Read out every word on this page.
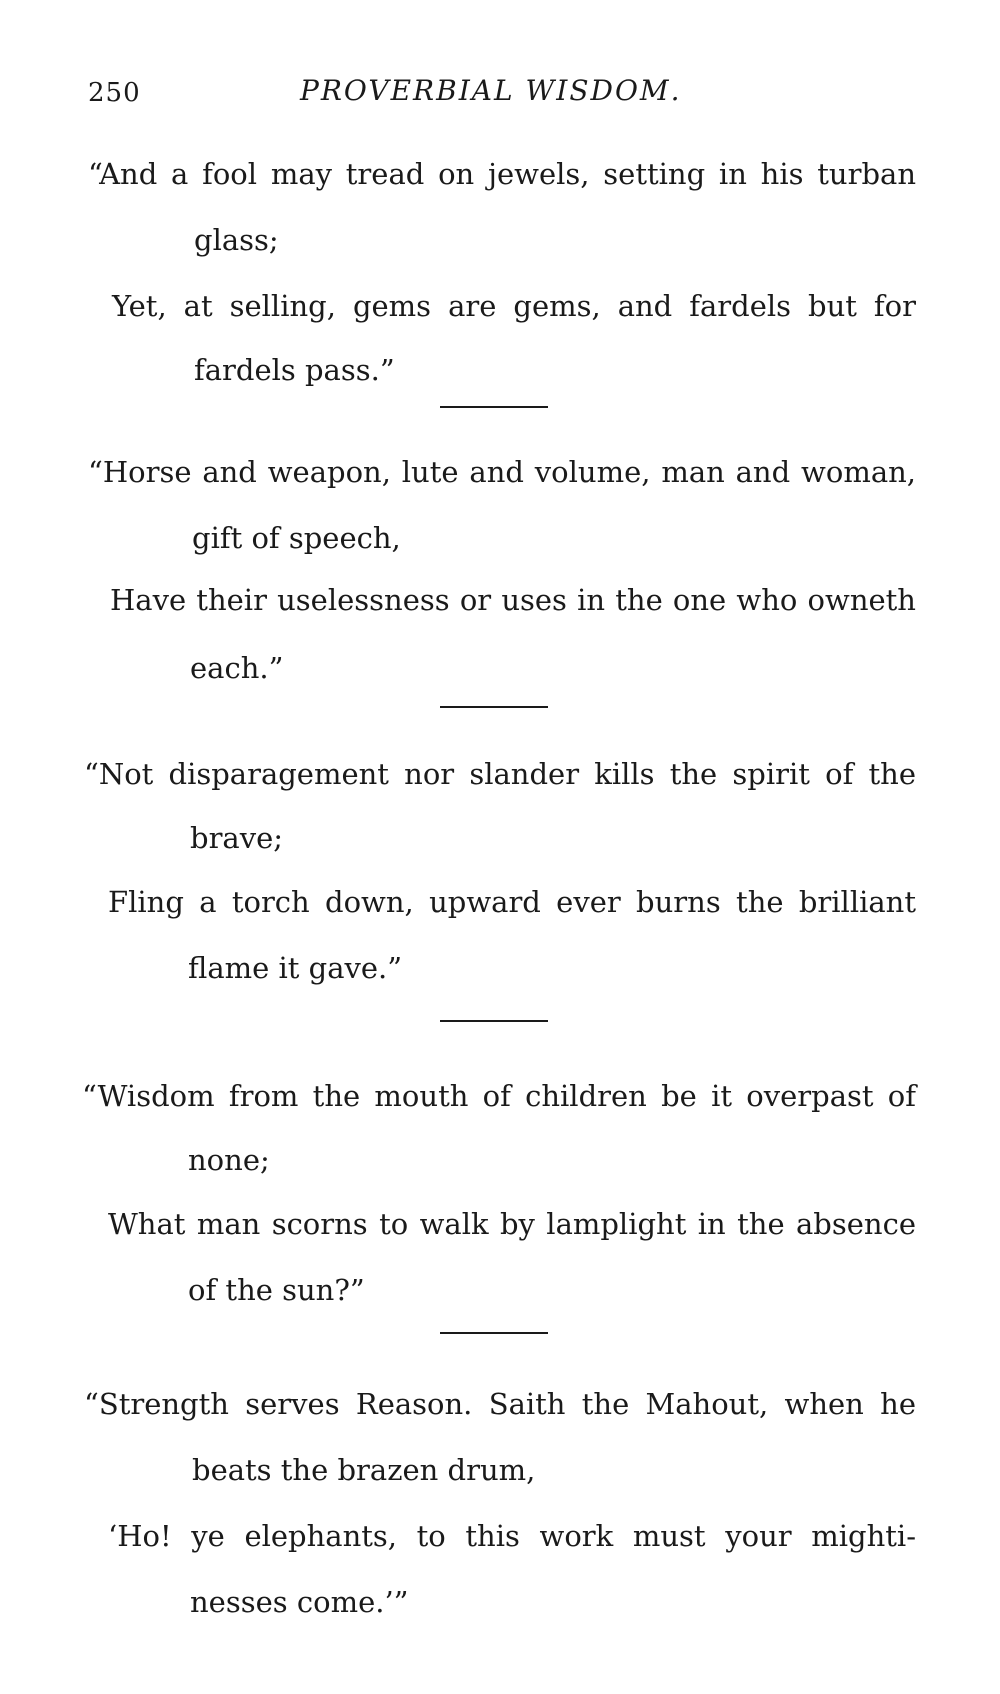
250	PROVERBIAL WISDOM.
“And a fool may tread on jewels, setting in his turban
glass;
Yet, at selling, gems are gems, and fardels but for
fardels pass.”
“Horse and weapon, lute and volume, man and woman,
gift of speech,
Have their uselessness or uses in the one who owneth
each.”
“Not disparagement nor slander kills the spirit of the
brave;
Fling a torch down, upward ever burns the brilliant
flame it gave.”
“Wisdom from the mouth of children be it overpast of
none;
What man scorns to walk by lamplight in the absence
of the sun?”
“Strength serves Reason. Saith the Mahout, when he
beats the brazen drum,
‘Ho! ye elephants, to this work must your mighti-
nesses come.’”
